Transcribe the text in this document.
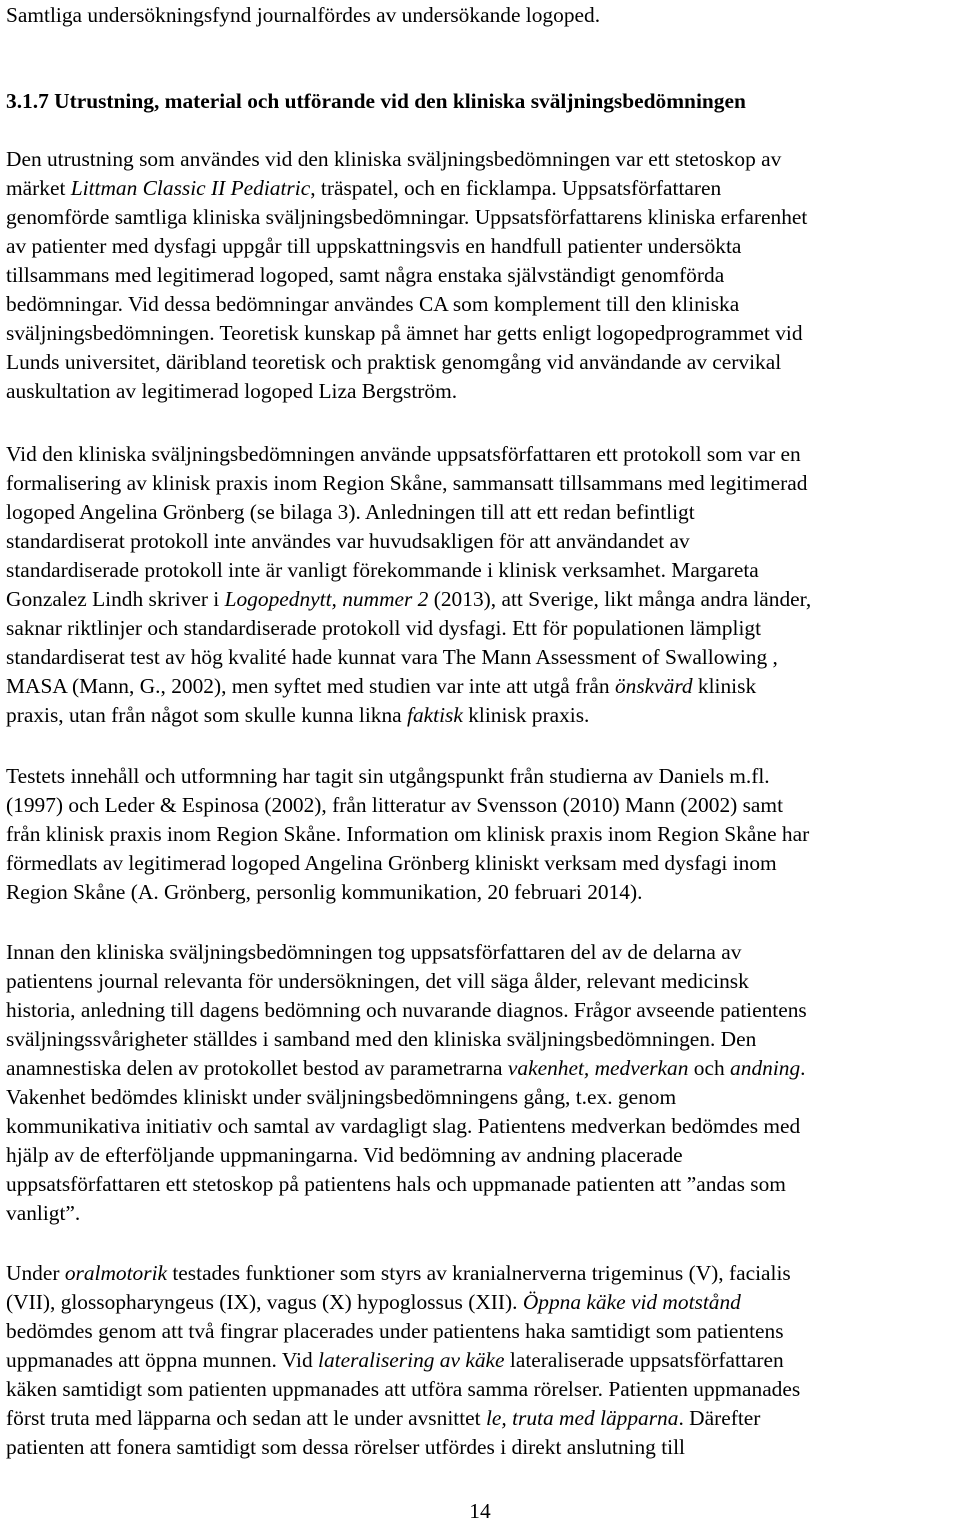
Samtliga undersökningsfynd journalfördes av undersökande logoped.
3.1.7 Utrustning, material och utförande vid den kliniska sväljningsbedömningen
Den utrustning som användes vid den kliniska sväljningsbedömningen var ett stetoskop av
märket Littman Classic II Pediatric, träspatel, och en ficklampa. Uppsatsförfattaren
genomförde samtliga kliniska sväljningsbedömningar. Uppsatsförfattarens kliniska erfarenhet
av patienter med dysfagi uppgår till uppskattningsvis en handfull patienter undersökta
tillsammans med legitimerad logoped, samt några enstaka självständigt genomförda
bedömningar. Vid dessa bedömningar användes CA som komplement till den kliniska
sväljningsbedömningen. Teoretisk kunskap på ämnet har getts enligt logopedprogrammet vid
Lunds universitet, däribland teoretisk och praktisk genomgång vid användande av cervikal
auskultation av legitimerad logoped Liza Bergström.
Vid den kliniska sväljningsbedömningen använde uppsatsförfattaren ett protokoll som var en
formalisering av klinisk praxis inom Region Skåne, sammansatt tillsammans med legitimerad
logoped Angelina Grönberg (se bilaga 3). Anledningen till att ett redan befintligt
standardiserat protokoll inte användes var huvudsakligen för att användandet av
standardiserade protokoll inte är vanligt förekommande i klinisk verksamhet. Margareta
Gonzalez Lindh skriver i Logopednytt, nummer 2 (2013), att Sverige, likt många andra länder,
saknar riktlinjer och standardiserade protokoll vid dysfagi. Ett för populationen lämpligt
standardiserat test av hög kvalité hade kunnat vara The Mann Assessment of Swallowing ,
MASA (Mann, G., 2002), men syftet med studien var inte att utgå från önskvärd klinisk
praxis, utan från något som skulle kunna likna faktisk klinisk praxis.
Testets innehåll och utformning har tagit sin utgångspunkt från studierna av Daniels m.fl.
(1997) och Leder & Espinosa (2002), från litteratur av Svensson (2010) Mann (2002) samt
från klinisk praxis inom Region Skåne. Information om klinisk praxis inom Region Skåne har
förmedlats av legitimerad logoped Angelina Grönberg kliniskt verksam med dysfagi inom
Region Skåne (A. Grönberg, personlig kommunikation, 20 februari 2014).
Innan den kliniska sväljningsbedömningen tog uppsatsförfattaren del av de delarna av
patientens journal relevanta för undersökningen, det vill säga ålder, relevant medicinsk
historia, anledning till dagens bedömning och nuvarande diagnos. Frågor avseende patientens
sväljningssvårigheter ställdes i samband med den kliniska sväljningsbedömningen. Den
anamnestiska delen av protokollet bestod av parametrarna vakenhet, medverkan och andning.
Vakenhet bedömdes kliniskt under sväljningsbedömningens gång, t.ex. genom
kommunikativa initiativ och samtal av vardagligt slag. Patientens medverkan bedömdes med
hjälp av de efterföljande uppmaningarna. Vid bedömning av andning placerade
uppsatsförfattaren ett stetoskop på patientens hals och uppmanade patienten att ”andas som
vanligt”.
Under oralmotorik testades funktioner som styrs av kranialnerverna trigeminus (V), facialis
(VII), glossopharyngeus (IX), vagus (X) hypoglossus (XII). Öppna käke vid motstånd
bedömdes genom att två fingrar placerades under patientens haka samtidigt som patientens
uppmanades att öppna munnen. Vid lateralisering av käke lateraliserade uppsatsförfattaren
käken samtidigt som patienten uppmanades att utföra samma rörelser. Patienten uppmanades
först truta med läpparna och sedan att le under avsnittet le, truta med läpparna. Därefter
patienten att fonera samtidigt som dessa rörelser utfördes i direkt anslutning till
14
